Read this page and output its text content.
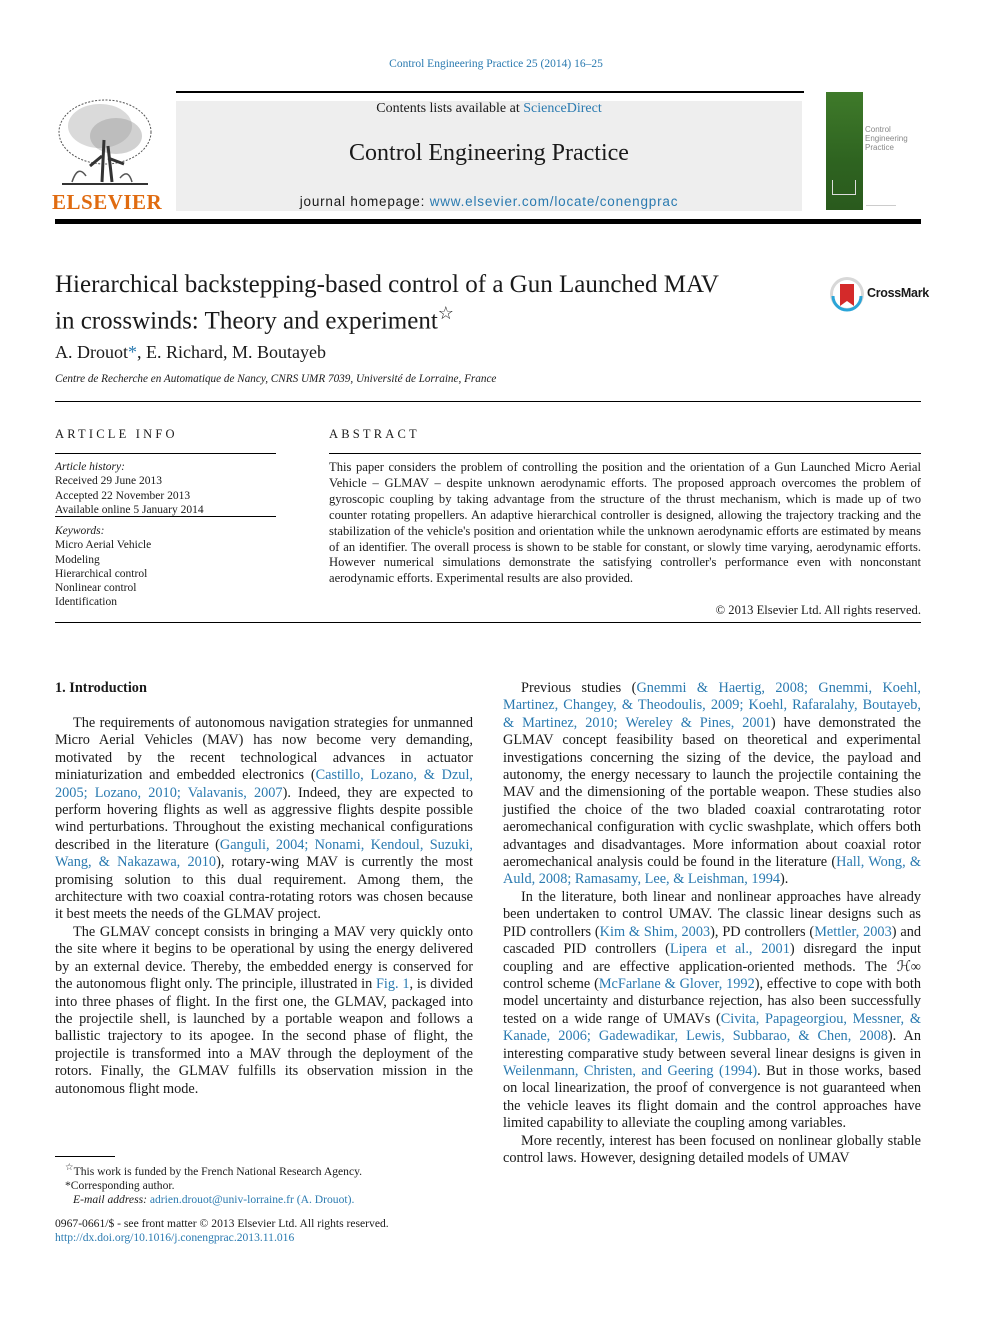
Control Engineering Practice 25 (2014) 16–25
ELSEVIER
Contents lists available at ScienceDirect
Control Engineering Practice
journal homepage: www.elsevier.com/locate/conengprac
Control
Engineering
Practice
Hierarchical backstepping-based control of a Gun Launched MAV
in crosswinds: Theory and experiment☆
CrossMark
A. Drouot*, E. Richard, M. Boutayeb
Centre de Recherche en Automatique de Nancy, CNRS UMR 7039, Université de Lorraine, France
ARTICLE INFO
Article history:
Received 29 June 2013
Accepted 22 November 2013
Available online 5 January 2014
Keywords:
Micro Aerial Vehicle
Modeling
Hierarchical control
Nonlinear control
Identification
ABSTRACT
This paper considers the problem of controlling the position and the orientation of a Gun Launched Micro Aerial Vehicle – GLMAV – despite unknown aerodynamic efforts. The proposed approach overcomes the problem of gyroscopic coupling by taking advantage from the structure of the thrust mechanism, which is made up of two counter rotating propellers. An adaptive hierarchical controller is designed, allowing the trajectory tracking and the stabilization of the vehicle's position and orientation while the unknown aerodynamic efforts are estimated by means of an identifier. The overall process is shown to be stable for constant, or slowly time varying, aerodynamic efforts. However numerical simulations demonstrate the satisfying controller's performance even with nonconstant aerodynamic efforts. Experimental results are also provided.
© 2013 Elsevier Ltd. All rights reserved.
1. Introduction

The requirements of autonomous navigation strategies for unmanned Micro Aerial Vehicles (MAV) has now become very demanding, motivated by the recent technological advances in actuator miniaturization and embedded electronics (Castillo, Lozano, & Dzul, 2005; Lozano, 2010; Valavanis, 2007). Indeed, they are expected to perform hovering flights as well as aggressive flights despite possible wind perturbations. Throughout the existing mechanical configurations described in the literature (Ganguli, 2004; Nonami, Kendoul, Suzuki, Wang, & Nakazawa, 2010), rotary-wing MAV is currently the most promising solution to this dual requirement. Among them, the architecture with two coaxial contra-rotating rotors was chosen because it best meets the needs of the GLMAV project.

The GLMAV concept consists in bringing a MAV very quickly onto the site where it begins to be operational by using the energy delivered by an external device. Thereby, the embedded energy is conserved for the autonomous flight only. The principle, illustrated in Fig. 1, is divided into three phases of flight. In the first one, the GLMAV, packaged into the projectile shell, is launched by a portable weapon and follows a ballistic trajectory to its apogee. In the second phase of flight, the projectile is transformed into a MAV through the deployment of the rotors. Finally, the GLMAV fulfills its observation mission in the autonomous flight mode.

Previous studies (Gnemmi & Haertig, 2008; Gnemmi, Koehl, Martinez, Changey, & Theodoulis, 2009; Koehl, Rafaralahy, Boutayeb, & Martinez, 2010; Wereley & Pines, 2001) have demonstrated the GLMAV concept feasibility based on theoretical and experimental investigations concerning the sizing of the device, the payload and autonomy, the energy necessary to launch the projectile containing the MAV and the dimensioning of the portable weapon. These studies also justified the choice of the two bladed coaxial contrarotating rotor aeromechanical configuration with cyclic swashplate, which offers both advantages and disadvantages. More information about coaxial rotor aeromechanical analysis could be found in the literature (Hall, Wong, & Auld, 2008; Ramasamy, Lee, & Leishman, 1994).

In the literature, both linear and nonlinear approaches have already been undertaken to control UMAV. The classic linear designs such as PID controllers (Kim & Shim, 2003), PD controllers (Mettler, 2003) and cascaded PID controllers (Lipera et al., 2001) disregard the input coupling and are effective application-oriented methods. The ℋ∞ control scheme (McFarlane & Glover, 1992), effective to cope with both model uncertainty and disturbance rejection, has also been successfully tested on a wide range of UMAVs (Civita, Papageorgiou, Messner, & Kanade, 2006; Gadewadikar, Lewis, Subbarao, & Chen, 2008). An interesting comparative study between several linear designs is given in Weilenmann, Christen, and Geering (1994). But in those works, based on local linearization, the proof of convergence is not guaranteed when the vehicle leaves its flight domain and the control approaches have limited capability to alleviate the coupling among variables.

More recently, interest has been focused on nonlinear globally stable control laws. However, designing detailed models of UMAV

☆This work is funded by the French National Research Agency.
*Corresponding author.
E-mail address: adrien.drouot@univ-lorraine.fr (A. Drouot).
0967-0661/$ - see front matter © 2013 Elsevier Ltd. All rights reserved.
http://dx.doi.org/10.1016/j.conengprac.2013.11.016
